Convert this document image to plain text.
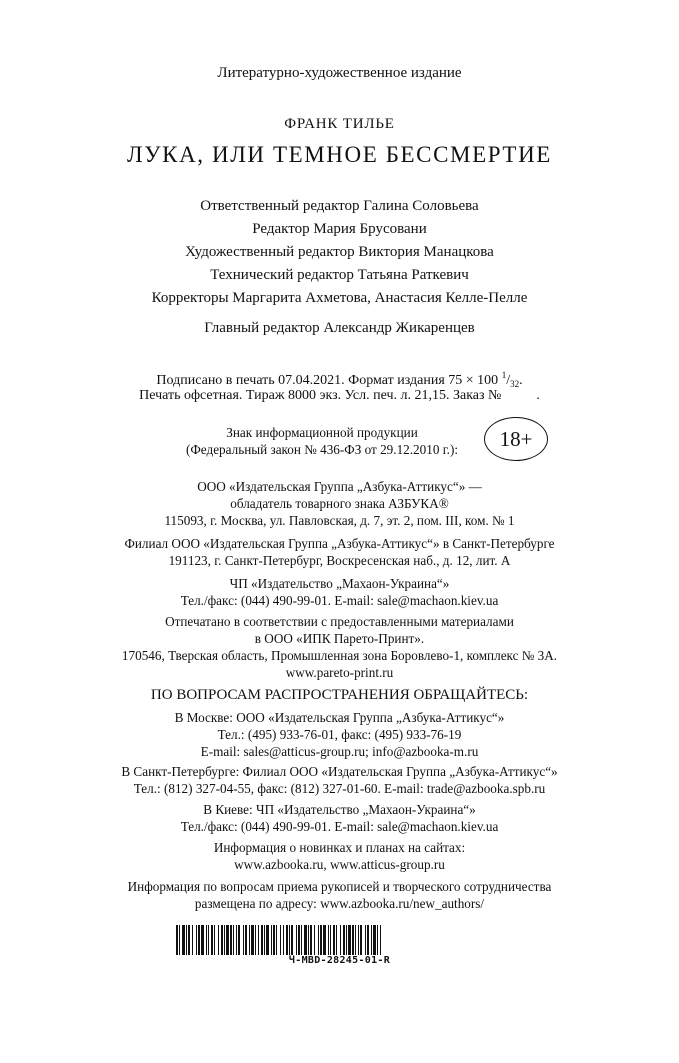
Литературно-художественное издание
ФРАНК ТИЛЬЕ
ЛУКА, ИЛИ ТЕМНОЕ БЕССМЕРТИЕ
Ответственный редактор Галина Соловьева
Редактор Мария Брусовани
Художественный редактор Виктория Манацкова
Технический редактор Татьяна Раткевич
Корректоры Маргарита Ахметова, Анастасия Келле-Пелле
Главный редактор Александр Жикаренцев
Подписано в печать 07.04.2021. Формат издания 75 × 100 $^1/_{32}$.
Печать офсетная. Тираж 8000 экз. Усл. печ. л. 21,15. Заказ №          .
Знак информационной продукции
(Федеральный закон № 436-ФЗ от 29.12.2010 г.):	18+
ООО «Издательская Группа „Азбука-Аттикус“» —
обладатель товарного знака АЗБУКА®
115093, г. Москва, ул. Павловская, д. 7, эт. 2, пом. III, ком. № 1
Филиал ООО «Издательская Группа „Азбука-Аттикус“» в Санкт-Петербурге
191123, г. Санкт-Петербург, Воскресенская наб., д. 12, лит. А
ЧП «Издательство „Махаон-Украина“»
Тел./факс: (044) 490-99-01. E-mail: sale@machaon.kiev.ua
Отпечатано в соответствии с предоставленными материалами
в ООО «ИПК Парето-Принт».
170546, Тверская область, Промышленная зона Боровлево-1, комплекс № 3А.
www.pareto-print.ru
ПО ВОПРОСАМ РАСПРОСТРАНЕНИЯ ОБРАЩАЙТЕСЬ:
В Москве: ООО «Издательская Группа „Азбука-Аттикус“»
Тел.: (495) 933-76-01, факс: (495) 933-76-19
E-mail: sales@atticus-group.ru; info@azbooka-m.ru
В Санкт-Петербурге: Филиал ООО «Издательская Группа „Азбука-Аттикус“»
Тел.: (812) 327-04-55, факс: (812) 327-01-60. E-mail: trade@azbooka.spb.ru
В Киеве: ЧП «Издательство „Махаон-Украина“»
Тел./факс: (044) 490-99-01. E-mail: sale@machaon.kiev.ua
Информация о новинках и планах на сайтах:
www.azbooka.ru, www.atticus-group.ru
Информация по вопросам приема рукописей и творческого сотрудничества
размещена по адресу: www.azbooka.ru/new_authors/
Ч-MBD-28245-01-R
